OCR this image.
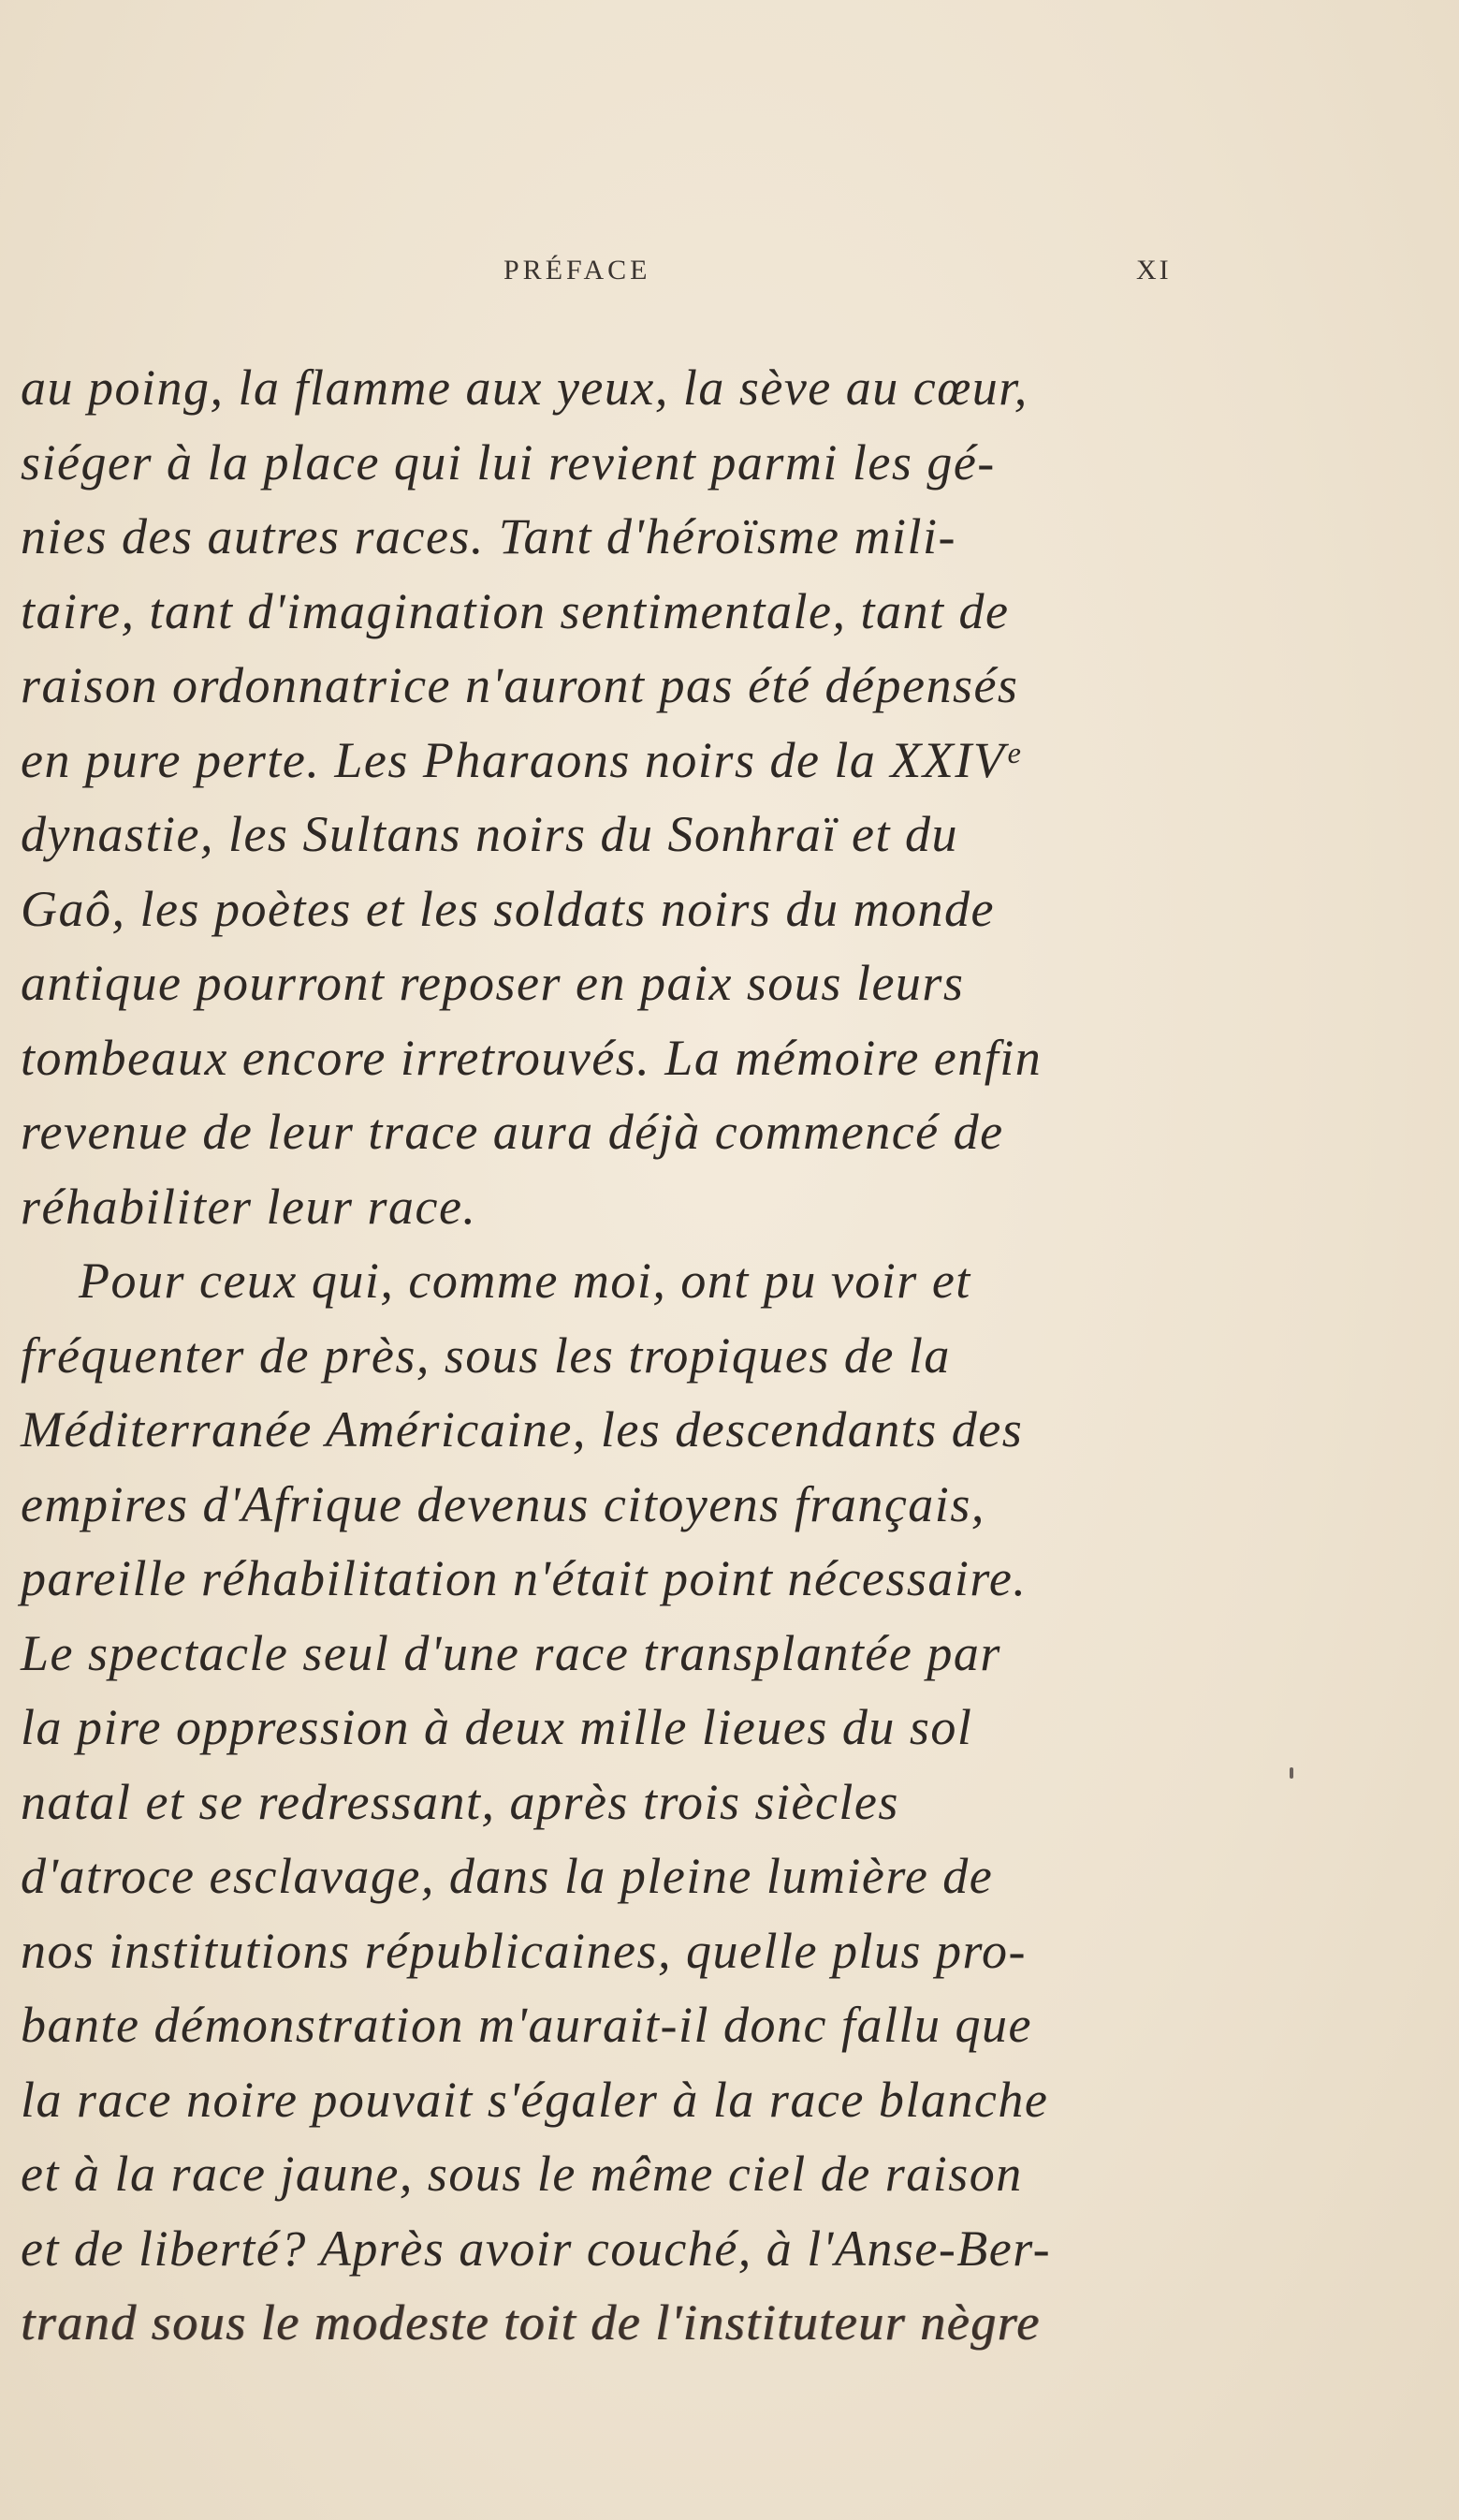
PRÉFACE	XI
au poing, la flamme aux yeux, la sève au cœur,
siéger à la place qui lui revient parmi les gé-
nies des autres races. Tant d'héroïsme mili-
taire, tant d'imagination sentimentale, tant de
raison ordonnatrice n'auront pas été dépensés
en pure perte. Les Pharaons noirs de la XXIVᵉ
dynastie, les Sultans noirs du Sonhraï et du
Gaô, les poètes et les soldats noirs du monde
antique pourront reposer en paix sous leurs
tombeaux encore irretrouvés. La mémoire enfin
revenue de leur trace aura déjà commencé de
réhabiliter leur race.
Pour ceux qui, comme moi, ont pu voir et
fréquenter de près, sous les tropiques de la
Méditerranée Américaine, les descendants des
empires d'Afrique devenus citoyens français,
pareille réhabilitation n'était point nécessaire.
Le spectacle seul d'une race transplantée par
la pire oppression à deux mille lieues du sol
natal et se redressant, après trois siècles
d'atroce esclavage, dans la pleine lumière de
nos institutions républicaines, quelle plus pro-
bante démonstration m'aurait-il donc fallu que
la race noire pouvait s'égaler à la race blanche
et à la race jaune, sous le même ciel de raison
et de liberté? Après avoir couché, à l'Anse-Ber-
trand sous le modeste toit de l'instituteur nègre
